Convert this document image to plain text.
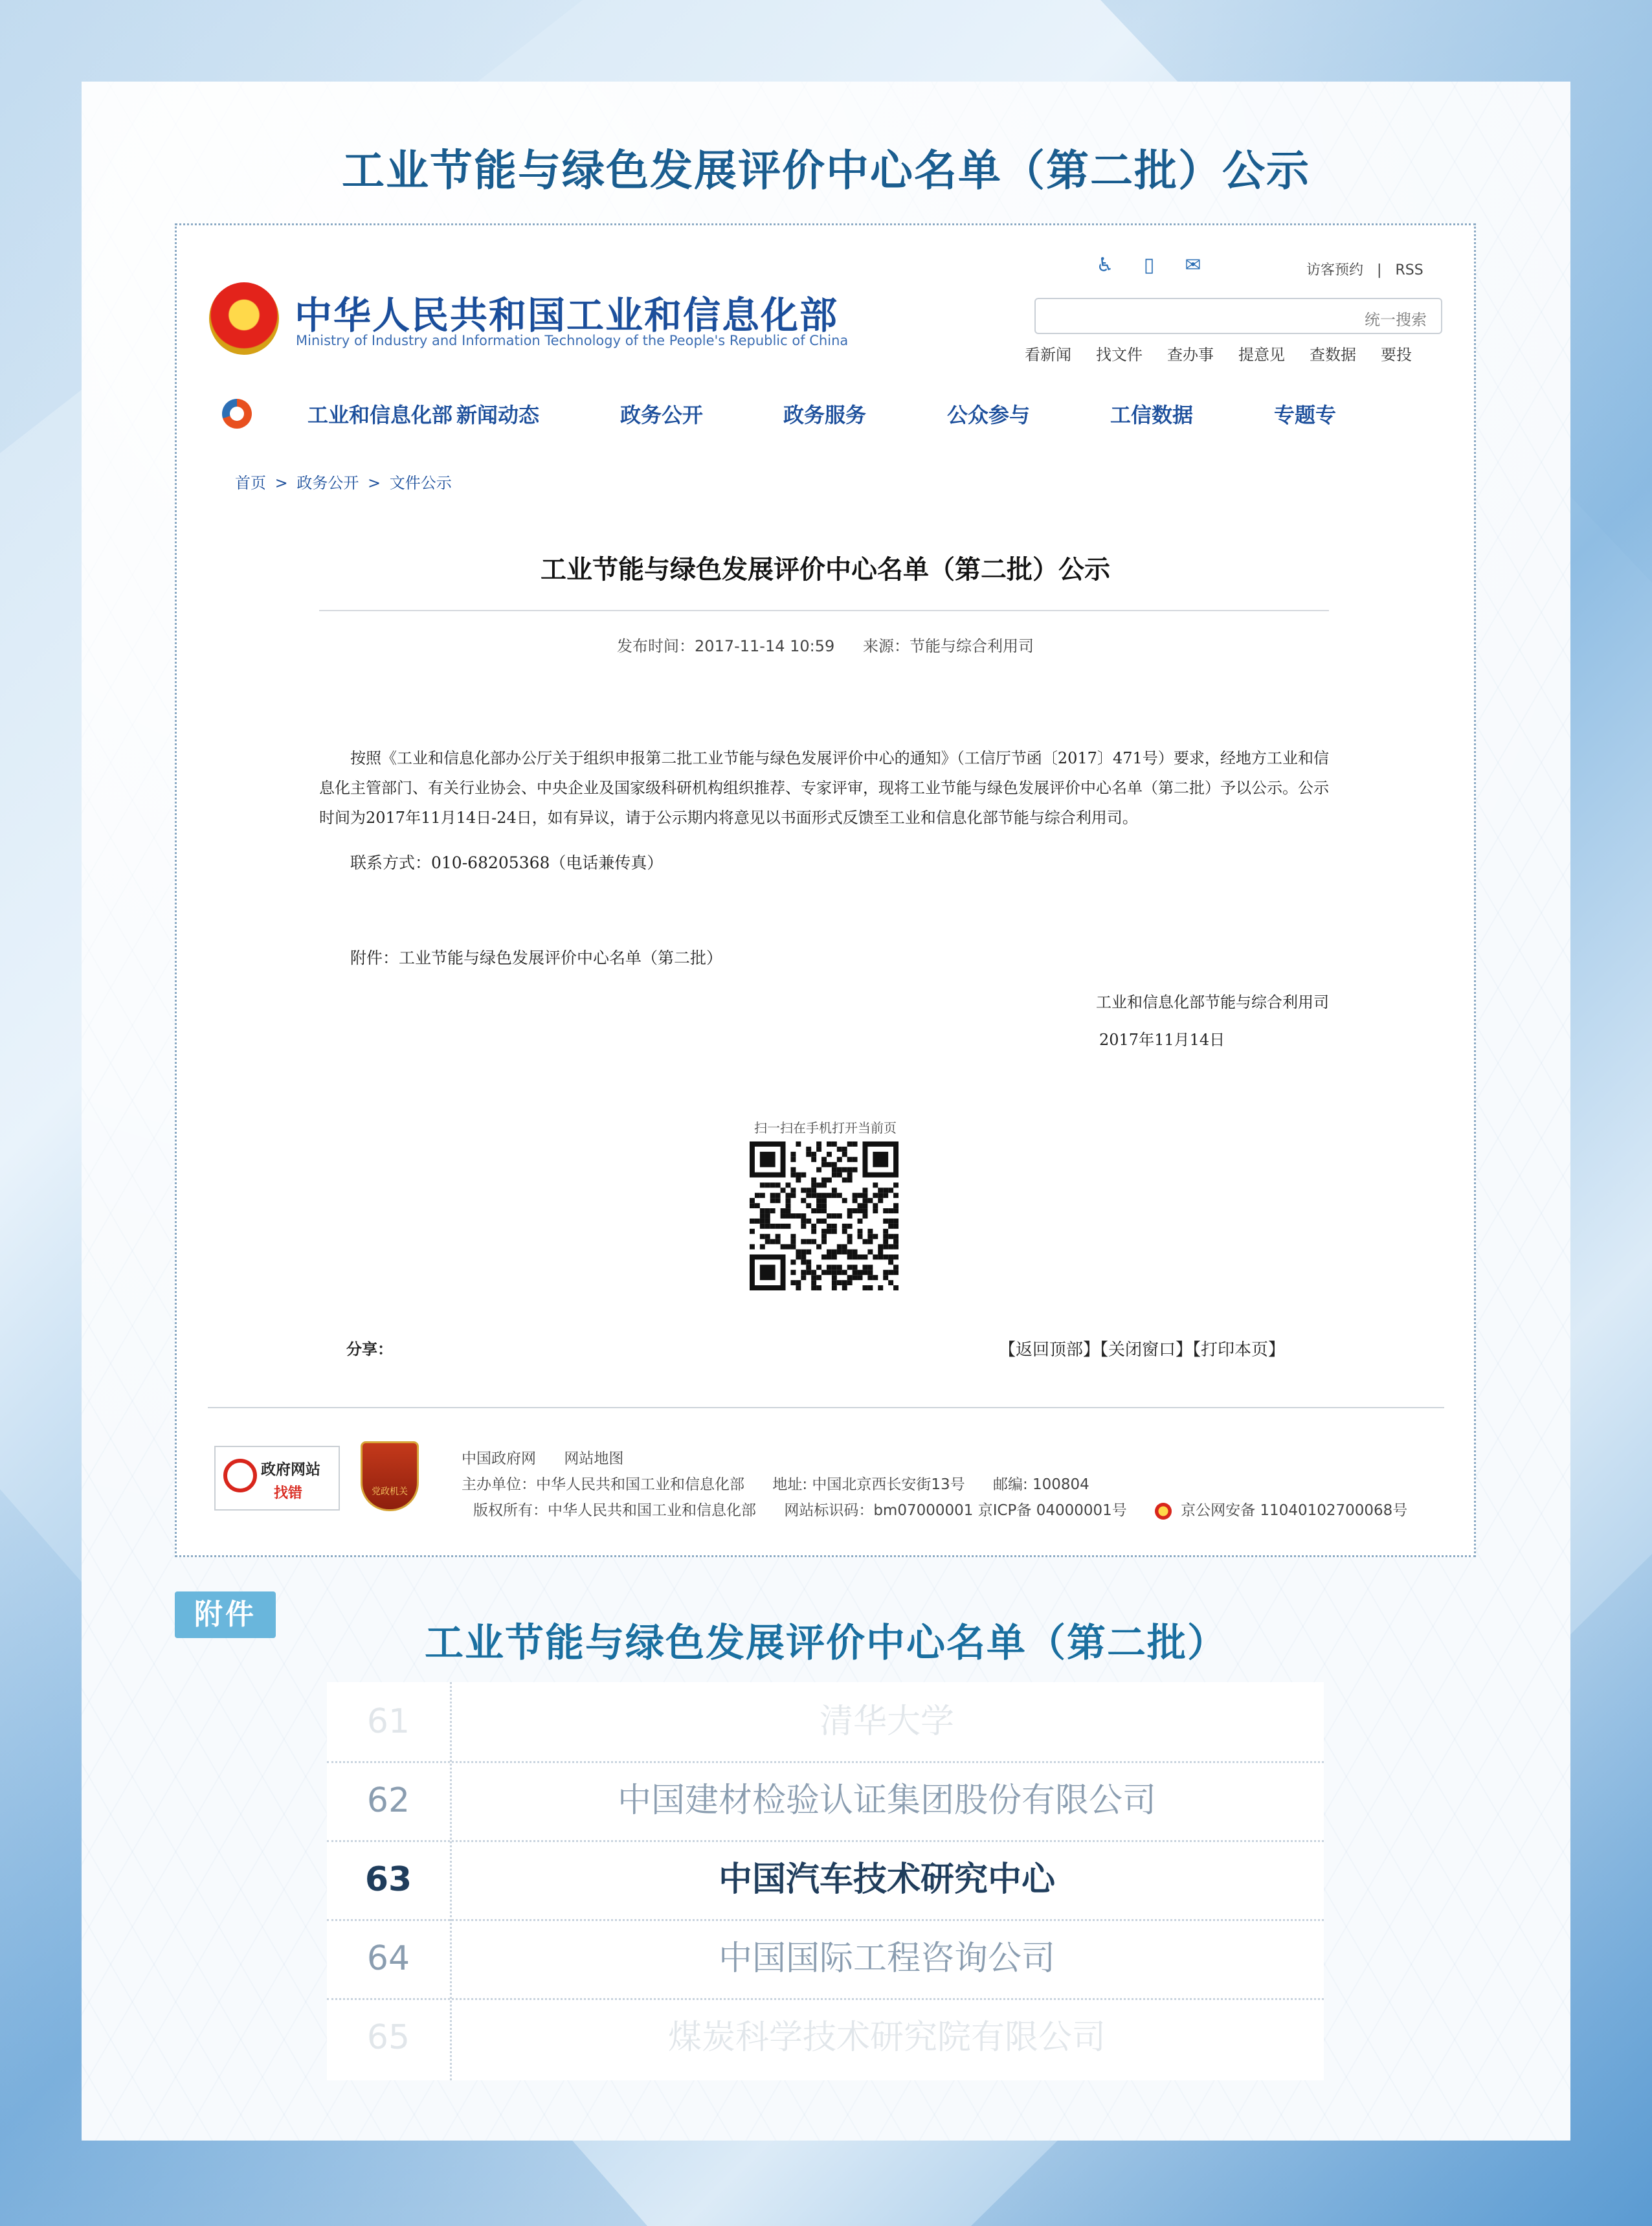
工业节能与绿色发展评价中心名单（第二批）公示
中华人民共和国工业和信息化部
Ministry of Industry and Information Technology of the People's Republic of China
♿ ▯ ✉	访客预约 | RSS
统一搜索
看新闻 找文件 查办事 提意见 查数据 要投
工业和信息化部 新闻动态	政务公开	政务服务	公众参与	工信数据	专题专
首页 > 政务公开 > 文件公示
工业节能与绿色发展评价中心名单（第二批）公示
发布时间：2017-11-14 10:59 来源：节能与综合利用司
按照《工业和信息化部办公厅关于组织申报第二批工业节能与绿色发展评价中心的通知》（工信厅节函〔2017〕471号）要求，经地方工业和信息化主管部门、有关行业协会、中央企业及国家级科研机构组织推荐、专家评审，现将工业节能与绿色发展评价中心名单（第二批）予以公示。公示时间为2017年11月14日-24日，如有异议，请于公示期内将意见以书面形式反馈至工业和信息化部节能与综合利用司。
联系方式：010-68205368（电话兼传真）
附件：工业节能与绿色发展评价中心名单（第二批）
工业和信息化部节能与综合利用司
2017年11月14日
扫一扫在手机打开当前页
分享：	【返回顶部】【关闭窗口】【打印本页】
政府网站
找错	党政机关
中国政府网 网站地图
主办单位：中华人民共和国工业和信息化部 地址: 中国北京西长安街13号 邮编: 100804
版权所有：中华人民共和国工业和信息化部 网站标识码：bm07000001 京ICP备 04000001号	京公网安备 11040102700068号
附件
工业节能与绿色发展评价中心名单（第二批）
61	清华大学
62	中国建材检验认证集团股份有限公司
63	中国汽车技术研究中心
64	中国国际工程咨询公司
65	煤炭科学技术研究院有限公司
